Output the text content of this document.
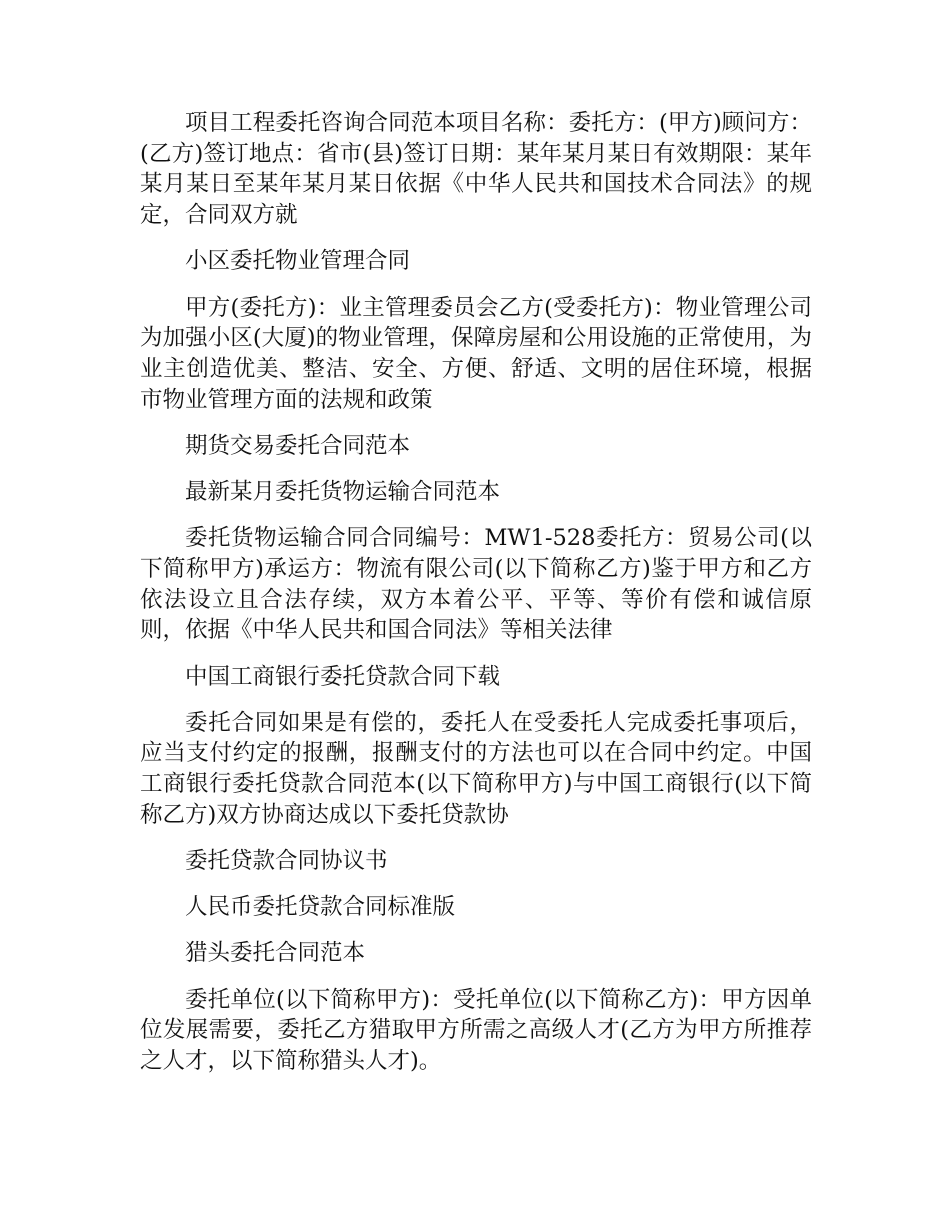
项目工程委托咨询合同范本项目名称：委托方：(甲方)顾问方：(乙方)签订地点：省市(县)签订日期：某年某月某日有效期限：某年某月某日至某年某月某日依据《中华人民共和国技术合同法》的规定，合同双方就

小区委托物业管理合同

甲方(委托方)：业主管理委员会乙方(受委托方)：物业管理公司为加强小区(大厦)的物业管理，保障房屋和公用设施的正常使用，为业主创造优美、整洁、安全、方便、舒适、文明的居住环境，根据市物业管理方面的法规和政策

期货交易委托合同范本

最新某月委托货物运输合同范本

委托货物运输合同合同编号：MW1-528委托方：贸易公司(以下简称甲方)承运方：物流有限公司(以下简称乙方)鉴于甲方和乙方依法设立且合法存续，双方本着公平、平等、等价有偿和诚信原则，依据《中华人民共和国合同法》等相关法律

中国工商银行委托贷款合同下载

委托合同如果是有偿的，委托人在受委托人完成委托事项后，应当支付约定的报酬，报酬支付的方法也可以在合同中约定。中国工商银行委托贷款合同范本(以下简称甲方)与中国工商银行(以下简称乙方)双方协商达成以下委托贷款协

委托贷款合同协议书

人民币委托贷款合同标准版

猎头委托合同范本

委托单位(以下简称甲方)：受托单位(以下简称乙方)：甲方因单位发展需要，委托乙方猎取甲方所需之高级人才(乙方为甲方所推荐之人才，以下简称猎头人才)。
